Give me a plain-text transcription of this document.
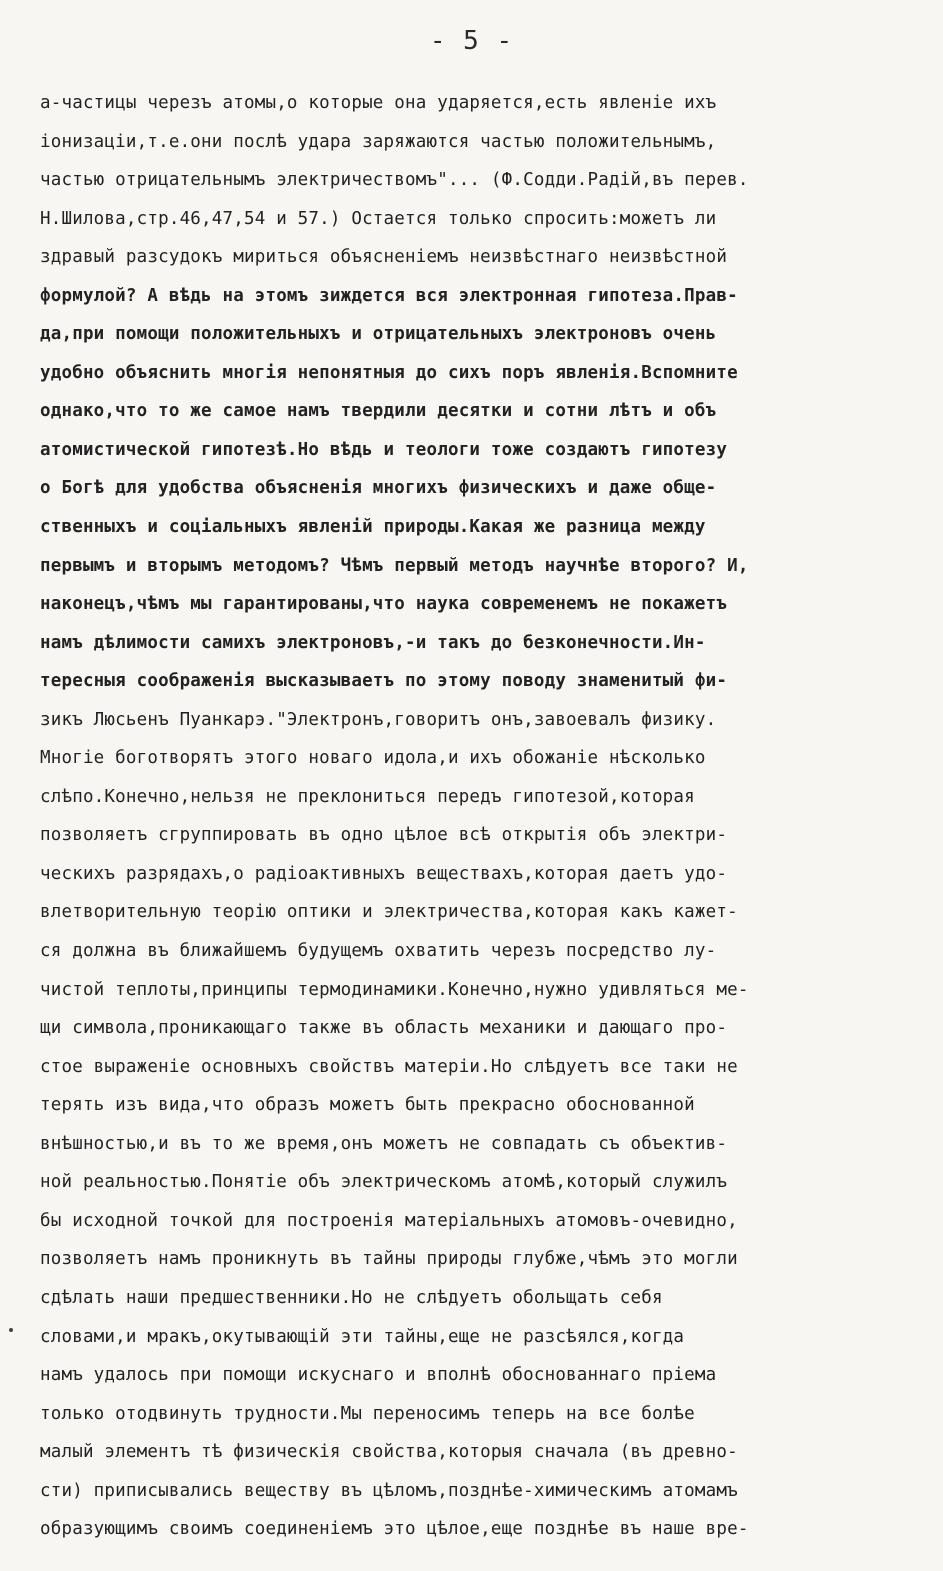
- 5 -
а-частицы черезъ атомы,о которые она ударяется,есть явленіе ихъ
іонизаціи,т.е.они послѣ удара заряжаются частью положительнымъ,
частью отрицательнымъ электричествомъ"... (Ф.Содди.Радій,въ перев.
Н.Шилова,стр.46,47,54 и 57.) Остается только спросить:можетъ ли
здравый разсудокъ мириться объясненіемъ неизвѣстнаго неизвѣстной
формулой? А вѣдь на этомъ зиждется вся электронная гипотеза.Прав-
да,при помощи положительныхъ и отрицательныхъ электроновъ очень
удобно объяснить многія непонятныя до сихъ поръ явленія.Вспомните
однако,что то же самое намъ твердили десятки и сотни лѣтъ и объ
атомистической гипотезѣ.Но вѣдь и теологи тоже создаютъ гипотезу
о Богѣ для удобства объясненія многихъ физическихъ и даже обще-
ственныхъ и соціальныхъ явленій природы.Какая же разница между
первымъ и вторымъ методомъ? Чѣмъ первый методъ научнѣе второго? И,
наконецъ,чѣмъ мы гарантированы,что наука современемъ не покажетъ
намъ дѣлимости самихъ электроновъ,-и такъ до безконечности.Ин-
тересныя соображенія высказываетъ по этому поводу знаменитый фи-
зикъ Люсьенъ Пуанкарэ."Электронъ,говоритъ онъ,завоевалъ физику.
Многіе боготворятъ этого новаго идола,и ихъ обожаніе нѣсколько
слѣпо.Конечно,нельзя не преклониться передъ гипотезой,которая
позволяетъ сгруппировать въ одно цѣлое всѣ открытія объ электри-
ческихъ разрядахъ,о радіоактивныхъ веществахъ,которая даетъ удо-
влетворительную теорію оптики и электричества,которая какъ кажет-
ся должна въ ближайшемъ будущемъ охватить черезъ посредство лу-
чистой теплоты,принципы термодинамики.Конечно,нужно удивляться ме-
щи символа,проникающаго также въ область механики и дающаго про-
стое выраженіе основныхъ свойствъ матеріи.Но слѣдуетъ все таки не
терять изъ вида,что образъ можетъ быть прекрасно обоснованной
внѣшностью,и въ то же время,онъ можетъ не совпадать съ объектив-
ной реальностью.Понятіе объ электрическомъ атомѣ,который служилъ
бы исходной точкой для построенія матеріальныхъ атомовъ-очевидно,
позволяетъ намъ проникнуть въ тайны природы глубже,чѣмъ это могли
сдѣлать наши предшественники.Но не слѣдуетъ обольщать себя
словами,и мракъ,окутывающій эти тайны,еще не разсѣялся,когда
намъ удалось при помощи искуснаго и вполнѣ обоснованнаго пріема
только отодвинуть трудности.Мы переносимъ теперь на все болѣе
малый элементъ тѣ физическія свойства,которыя сначала (въ древно-
сти) приписывались веществу въ цѣломъ,позднѣе-химическимъ атомамъ
образующимъ своимъ соединеніемъ это цѣлое,еще позднѣе въ наше вре-
